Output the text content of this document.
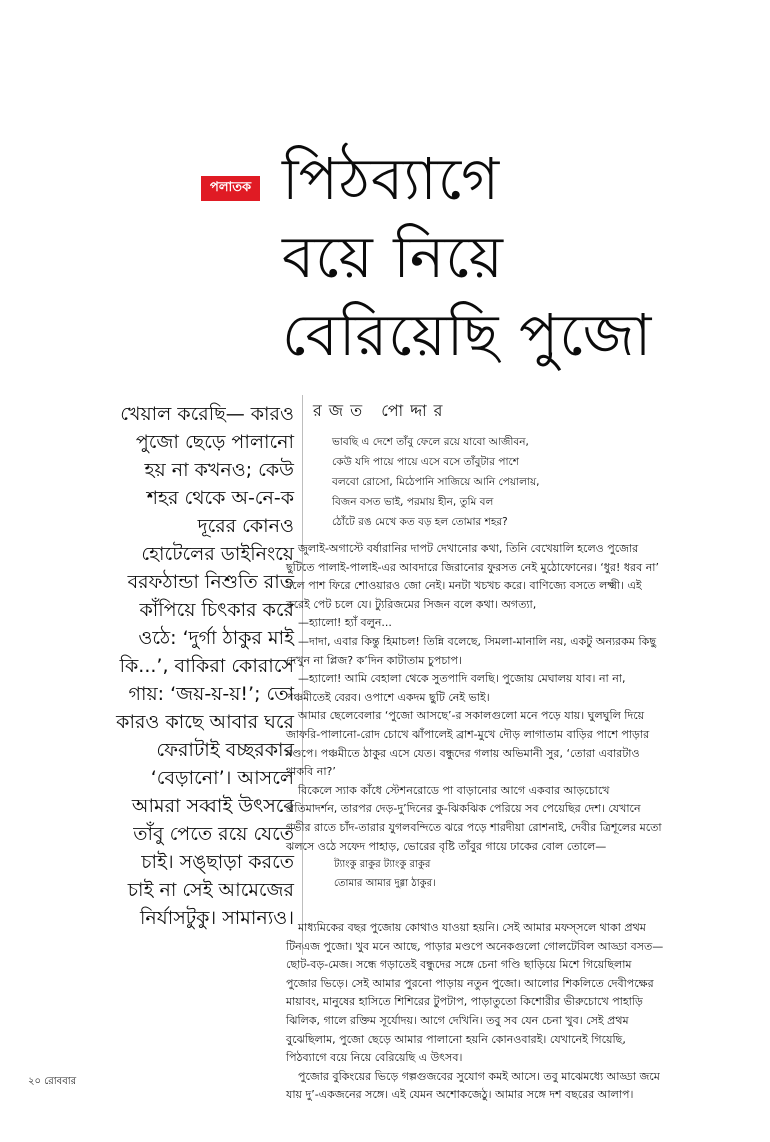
পলাতক পিঠব্যাগে
বয়ে নিয়ে
বেরিয়েছি পুজো
খেয়াল করেছি— কারও
পুজো ছেড়ে পালানো
হয় না কখনও; কেউ
শহর থেকে অ-নে-ক
দূরের কোনও
হোটেলের ডাইনিংয়ে
বরফঠান্ডা নিশুতি রাত
কাঁপিয়ে চিৎকার করে
ওঠে: ‘দুর্গা ঠাকুর মাই
কি...’, বাকিরা কোরাসে
গায়: ‘জয়-য়-য়!’; তো
কারও কাছে আবার ঘরে
ফেরাটাই বচ্ছরকার
‘বেড়ানো’। আসলে
আমরা সব্বাই উৎসবে
তাঁবু পেতে রয়ে যেতে
চাই। সঙ্ছাড়া করতে
চাই না সেই আমেজের
নির্যাসটুকু। সামান্যও।
রজত পোদ্দার
ভাবছি এ দেশে তাঁবু ফেলে রয়ে যাবো আজীবন,
কেউ যদি পায়ে পায়ে এসে বসে তাঁবুটার পাশে
বলবো রোসো, মিঠেপানি সাজিয়ে আনি পেয়ালায়,
বিজন বসত ভাই, পরমায় হীন, তুমি বল
ঠোঁটে রঙ মেখে কত বড় হল তোমার শহর?

জুলাই-অগাস্টে বর্ষারানির দাপট দেখানোর কথা, তিনি বেখেয়ালি হলেও পুজোর

ছুটিতে পালাই-পালাই-এর আবদারে জিরানোর ফুরসত নেই মুঠোফোনের। ‘ধুর! ধরব না’

বলে পাশ ফিরে শোওয়ারও জো নেই। মনটা খচখচ করে। বাণিজ্যে বসতে লক্ষ্মী। এই

করেই পেট চলে যে। ট্যুরিজমের সিজন বলে কথা। অগত্যা,

—হ্যালো! হ্যাঁ বলুন...

—দাদা, এবার কিন্তু হিমাচল! তিন্নি বলেছে, সিমলা-মানালি নয়, একটু অন্যরকম কিছু

দেখুন না প্লিজ? ক’দিন কাটাতাম চুপচাপ।

—হ্যালো! আমি বেহালা থেকে সুতপাদি বলছি। পুজোয় মেঘালয় যাব। না না,

পঞ্চমীতেই বেরব। ওপাশে একদম ছুটি নেই ভাই।

আমার ছেলেবেলার ‘পুজো আসছে’-র সকালগুলো মনে পড়ে যায়। ঘুলঘুলি দিয়ে

জাফরি-পালানো-রোদ চোখে ঝাঁপালেই ব্রাশ-মুখে দৌড় লাগাতাম বাড়ির পাশে পাড়ার

মণ্ডপে। পঞ্চমীতে ঠাকুর এসে যেত। বন্ধুদের গলায় অভিমানী সুর, ‘তোরা এবারটাও

থাকবি না?’

বিকেলে স্যাক কাঁধে স্টেশনরোডে পা বাড়ানোর আগে একবার আড়চোখে

প্রতিমাদর্শন, তারপর দেড়-দু’দিনের কু-ঝিকঝিক পেরিয়ে সব পেয়েছির দেশ। যেখানে

গভীর রাতে চাঁদ-তারার যুগলবন্দিতে ঝরে পড়ে শারদীয়া রোশনাই, দেবীর ত্রিশূলের মতো

ঝলসে ওঠে সফেদ পাহাড়, ভোরের বৃষ্টি তাঁবুর গায়ে ঢাকের বোল তোলে—

ট্যাংকু রাকুর ট্যাংকু রাকুর

তোমার আমার দুগ্গা ঠাকুর।

মাধ্যমিকের বছর পুজোয় কোথাও যাওয়া হয়নি। সেই আমার মফস্সলে থাকা প্রথম

টিনএজ পুজো। খুব মনে আছে, পাড়ার মণ্ডপে অনেকগুলো গোলটেবিল আড্ডা বসত—

ছোট-বড়-মেজ। সন্ধে গড়াতেই বন্ধুদের সঙ্গে চেনা গণ্ডি ছাড়িয়ে মিশে গিয়েছিলাম

পুজোর ভিড়ে। সেই আমার পুরনো পাড়ায় নতুন পুজো। আলোর শিকলিতে দেবীপক্ষের

মায়াবং, মানুষের হাসিতে শিশিরের টুপটাপ, পাড়াতুতো কিশোরীর ভীরুচোখে পাহাড়ি

ঝিলিক, গালে রক্তিম সূর্যোদয়। আগে দেখিনি। তবু সব যেন চেনা খুব। সেই প্রথম

বুঝেছিলাম, পুজো ছেড়ে আমার পালানো হয়নি কোনওবারই। যেখানেই গিয়েছি,

পিঠব্যাগে বয়ে নিয়ে বেরিয়েছি এ উৎসব।

পুজোর বুকিংয়ের ভিড়ে গল্পগুজবের সুযোগ কমই আসে। তবু মাঝেমধ্যে আড্ডা জমে

যায় দু’-একজনের সঙ্গে। এই যেমন অশোকজেঠু। আমার সঙ্গে দশ বছরের আলাপ।

২০ রোববার
